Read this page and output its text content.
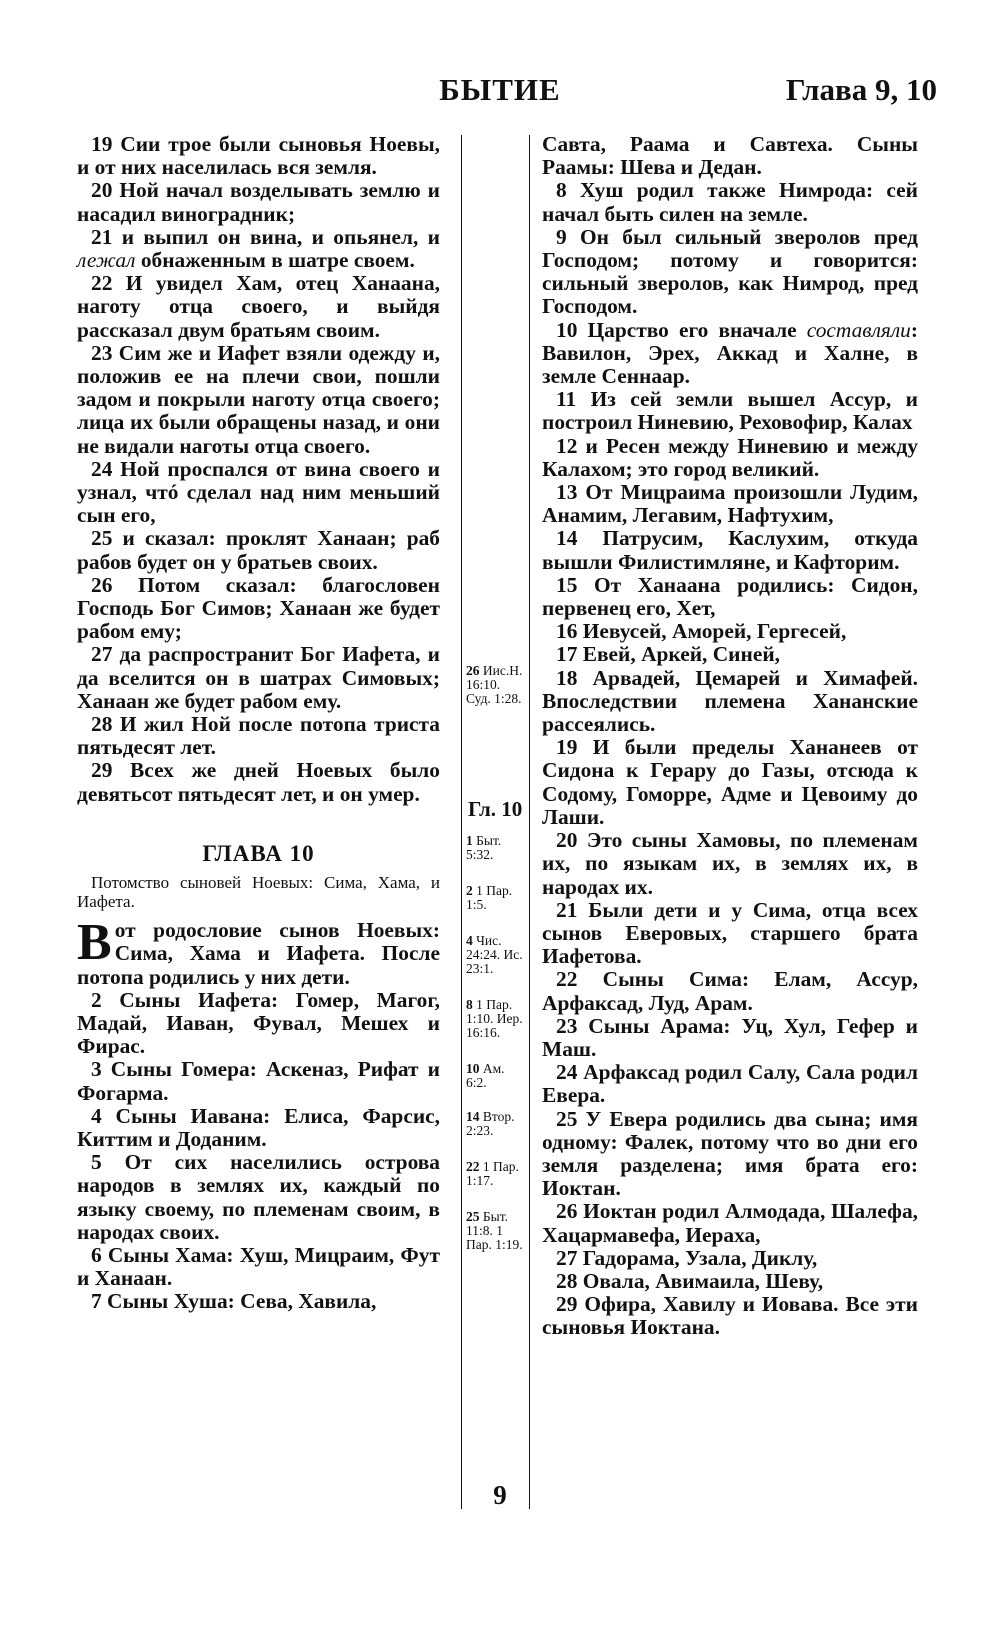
БЫТИЕ	Глава 9, 10

19 Сии трое были сыновья Ноевы, и от них населилась вся земля.

20 Ной начал возделывать землю и насадил виноградник;

21 и выпил он вина, и опьянел, и лежал обнаженным в шатре своем.

22 И увидел Хам, отец Ханаана, наготу отца своего, и выйдя рассказал двум братьям своим.

23 Сим же и Иафет взяли одежду и, положив ее на плечи свои, пошли задом и покрыли наготу отца своего; лица их были обращены назад, и они не видали наготы отца своего.

24 Ной проспался от вина своего и узнал, чтó сделал над ним меньший сын его,

25 и сказал: проклят Ханаан; раб рабов будет он у братьев своих.

26 Потом сказал: благословен Господь Бог Симов; Ханаан же будет рабом ему;

27 да распространит Бог Иафета, и да вселится он в шатрах Симовых; Ханаан же будет рабом ему.

28 И жил Ной после потопа триста пятьдесят лет.

29 Всех же дней Ноевых было девятьсот пятьдесят лет, и он умер.

ГЛАВА 10

Потомство сыновей Ноевых: Сима, Хама, и Иафета.

Вот родословие сынов Ноевых: Сима, Хама и Иафета. После потопа родились у них дети.

2 Сыны Иафета: Гомер, Магог, Мадай, Иаван, Фувал, Мешех и Фирас.

3 Сыны Гомера: Аскеназ, Рифат и Фогарма.

4 Сыны Иавана: Елиса, Фарсис, Киттим и Доданим.

5 От сих населились острова народов в землях их, каждый по языку своему, по племенам своим, в народах своих.

6 Сыны Хама: Хуш, Мицраим, Фут и Ханаан.

7 Сыны Хуша: Сева, Хавила,

26 Иис.Н. 16:10. Суд. 1:28.
Гл. 10
1 Быт. 5:32.
2 1 Пар. 1:5.
4 Чис. 24:24. Ис. 23:1.
8 1 Пар. 1:10. Иер. 16:16.
10 Ам. 6:2.
14 Втор. 2:23.
22 1 Пар. 1:17.
25 Быт. 11:8. 1 Пар. 1:19.

Савта, Раама и Савтеха. Сыны Раамы: Шева и Дедан.

8 Хуш родил также Нимрода: сей начал быть силен на земле.

9 Он был сильный зверолов пред Господом; потому и говорится: сильный зверолов, как Нимрод, пред Господом.

10 Царство его вначале составляли: Вавилон, Эрех, Аккад и Халне, в земле Сеннаар.

11 Из сей земли вышел Ассур, и построил Ниневию, Реховофир, Калах

12 и Ресен между Ниневию и между Калахом; это город великий.

13 От Мицраима произошли Лудим, Анамим, Легавим, Нафтухим,

14 Патрусим, Каслухим, откуда вышли Филистимляне, и Кафторим.

15 От Ханаана родились: Сидон, первенец его, Хет,

16 Иевусей, Аморей, Гергесей,

17 Евей, Аркей, Синей,

18 Арвадей, Цемарей и Химафей. Впоследствии племена Хананские рассеялись.

19 И были пределы Хананеев от Сидона к Герару до Газы, отсюда к Содому, Гоморре, Адме и Цевоиму до Лаши.

20 Это сыны Хамовы, по племенам их, по языкам их, в землях их, в народах их.

21 Были дети и у Сима, отца всех сынов Еверовых, старшего брата Иафетова.

22 Сыны Сима: Елам, Ассур, Арфаксад, Луд, Арам.

23 Сыны Арама: Уц, Хул, Гефер и Маш.

24 Арфаксад родил Салу, Сала родил Евера.

25 У Евера родились два сына; имя одному: Фалек, потому что во дни его земля разделена; имя брата его: Иоктан.

26 Иоктан родил Алмодада, Шалефа, Хацармавефа, Иераха,

27 Гадорама, Узала, Диклу,

28 Овала, Авимаила, Шеву,

29 Офира, Хавилу и Иовава. Все эти сыновья Иоктана.

9
